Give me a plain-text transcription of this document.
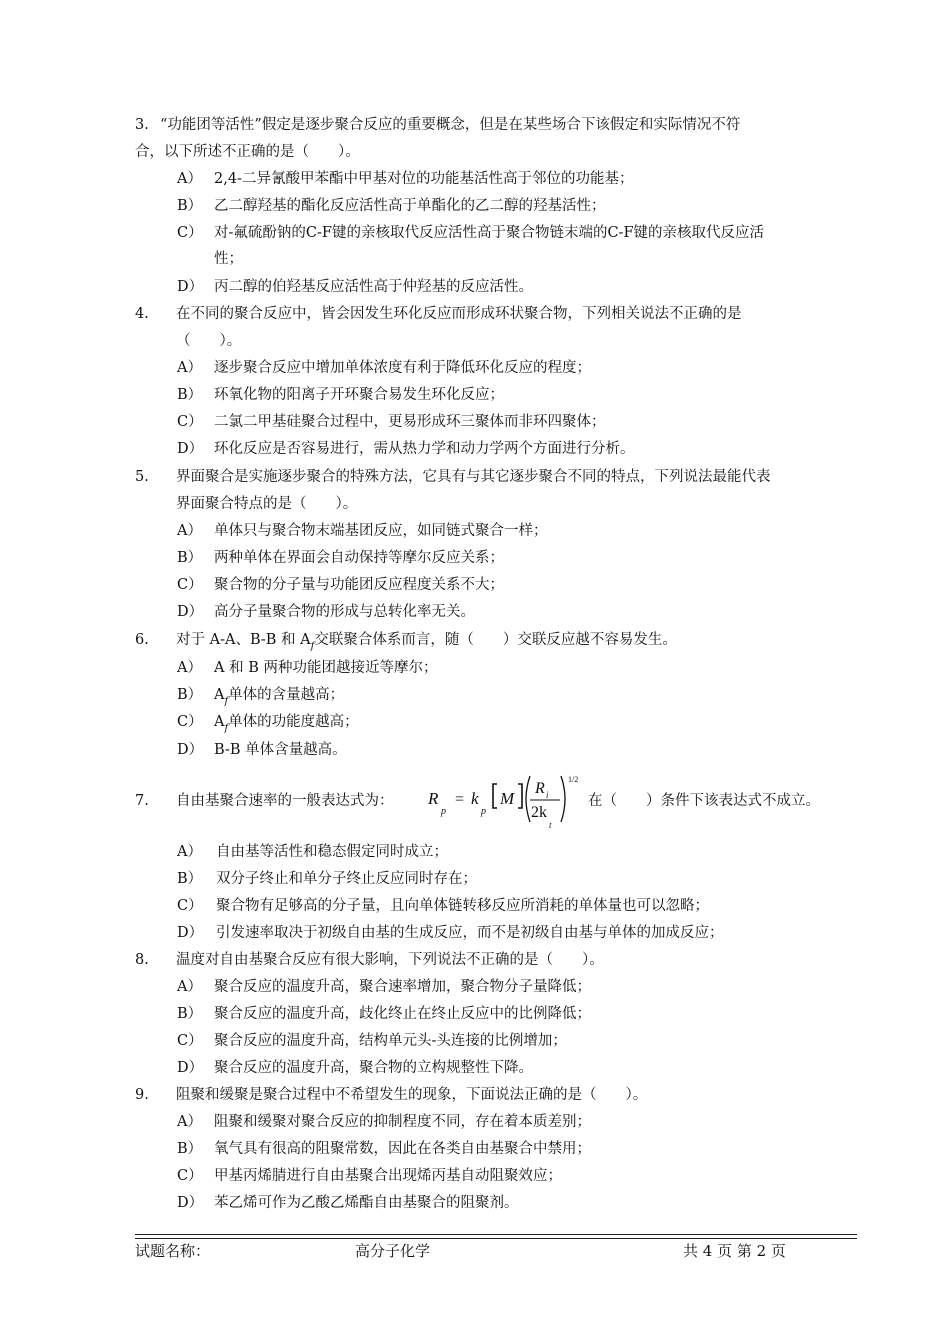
3. “功能团等活性”假定是逐步聚合反应的重要概念，但是在某些场合下该假定和实际情况不符
合，以下所述不正确的是（　　）。
A） 2,4-二异氰酸甲苯酯中甲基对位的功能基活性高于邻位的功能基；
B） 乙二醇羟基的酯化反应活性高于单酯化的乙二醇的羟基活性；
C） 对-氟硫酚钠的C-F键的亲核取代反应活性高于聚合物链末端的C-F键的亲核取代反应活
性；
D） 丙二醇的伯羟基反应活性高于仲羟基的反应活性。
4. 在不同的聚合反应中，皆会因发生环化反应而形成环状聚合物，下列相关说法不正确的是
（　　）。
A） 逐步聚合反应中增加单体浓度有利于降低环化反应的程度；
B） 环氧化物的阳离子开环聚合易发生环化反应；
C） 二氯二甲基硅聚合过程中，更易形成环三聚体而非环四聚体；
D） 环化反应是否容易进行，需从热力学和动力学两个方面进行分析。
5. 界面聚合是实施逐步聚合的特殊方法，它具有与其它逐步聚合不同的特点，下列说法最能代表
界面聚合特点的是（　　）。
A） 单体只与聚合物末端基团反应，如同链式聚合一样；
B） 两种单体在界面会自动保持等摩尔反应关系；
C） 聚合物的分子量与功能团反应程度关系不大；
D） 高分子量聚合物的形成与总转化率无关。
6. 对于 A-A、B-B 和 $A_f$交联聚合体系而言，随（　　）交联反应越不容易发生。
A） A 和 B 两种功能团越接近等摩尔；
B） $A_f$单体的含量越高；
C） $A_f$单体的功能度越高；
D） B-B 单体含量越高。
7. 自由基聚合速率的一般表达式为： R
p
= k
p
M
R i
2k
t
1/2
在（　　）条件下该表达式不成立。
A） 自由基等活性和稳态假定同时成立；
B） 双分子终止和单分子终止反应同时存在；
C） 聚合物有足够高的分子量，且向单体链转移反应所消耗的单体量也可以忽略；
D） 引发速率取决于初级自由基的生成反应，而不是初级自由基与单体的加成反应；
8. 温度对自由基聚合反应有很大影响，下列说法不正确的是（　　）。
A） 聚合反应的温度升高，聚合速率增加，聚合物分子量降低；
B） 聚合反应的温度升高，歧化终止在终止反应中的比例降低；
C） 聚合反应的温度升高，结构单元头-头连接的比例增加；
D） 聚合反应的温度升高，聚合物的立构规整性下降。
9. 阻聚和缓聚是聚合过程中不希望发生的现象，下面说法正确的是（　　）。
A） 阻聚和缓聚对聚合反应的抑制程度不同，存在着本质差别；
B） 氧气具有很高的阻聚常数，因此在各类自由基聚合中禁用；
C） 甲基丙烯腈进行自由基聚合出现烯丙基自动阻聚效应；
D） 苯乙烯可作为乙酸乙烯酯自由基聚合的阻聚剂。
试题名称：	高分子化学	共 4 页 第 2 页
